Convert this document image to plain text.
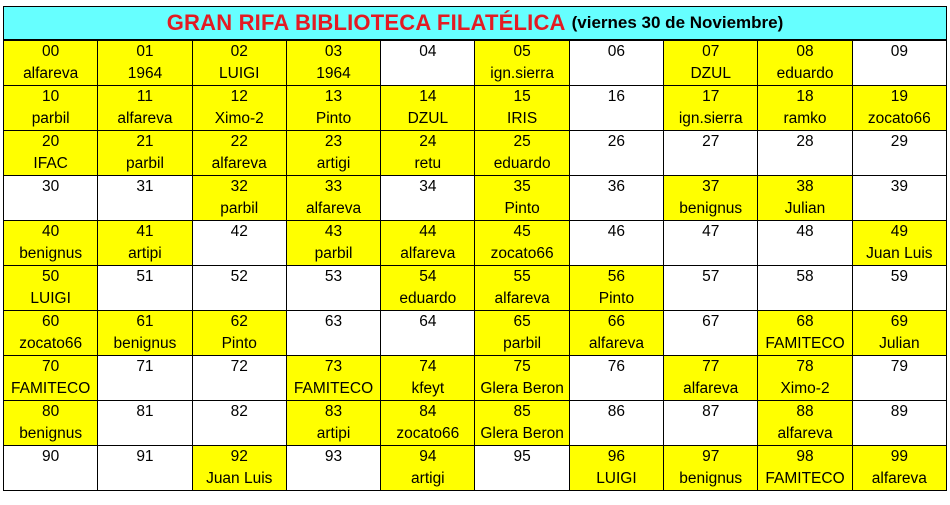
GRAN RIFA BIBLIOTECA FILATÉLICA (viernes 30 de Noviembre)
00	01	02	03	04	05	06	07	08	09
alfareva	1964	LUIGI	1964		ign.sierra		DZUL	eduardo	
10	11	12	13	14	15	16	17	18	19
parbil	alfareva	Ximo-2	Pinto	DZUL	IRIS		ign.sierra	ramko	zocato66
20	21	22	23	24	25	26	27	28	29
IFAC	parbil	alfareva	artigi	retu	eduardo				
30	31	32	33	34	35	36	37	38	39
		parbil	alfareva		Pinto		benignus	Julian	
40	41	42	43	44	45	46	47	48	49
benignus	artipi		parbil	alfareva	zocato66				Juan Luis
50	51	52	53	54	55	56	57	58	59
LUIGI				eduardo	alfareva	Pinto			
60	61	62	63	64	65	66	67	68	69
zocato66	benignus	Pinto			parbil	alfareva		FAMITECO	Julian
70	71	72	73	74	75	76	77	78	79
FAMITECO			FAMITECO	kfeyt	Glera Beron		alfareva	Ximo-2	
80	81	82	83	84	85	86	87	88	89
benignus			artipi	zocato66	Glera Beron			alfareva	
90	91	92	93	94	95	96	97	98	99
		Juan Luis		artigi		LUIGI	benignus	FAMITECO	alfareva
